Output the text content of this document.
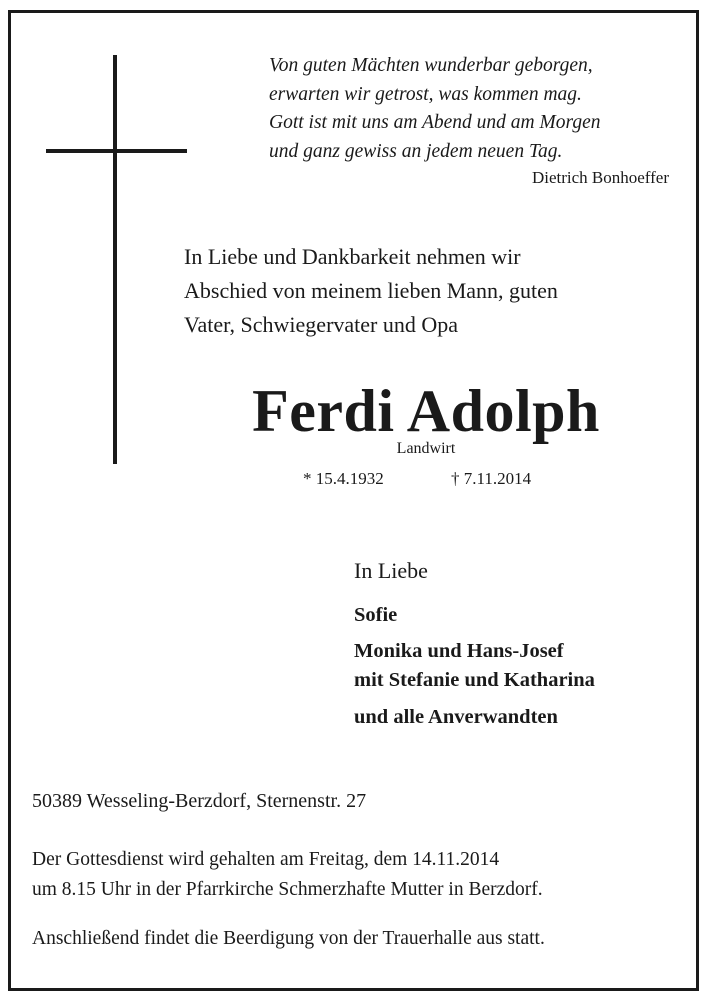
Von guten Mächten wunderbar geborgen,
erwarten wir getrost, was kommen mag.
Gott ist mit uns am Abend und am Morgen
und ganz gewiss an jedem neuen Tag.
Dietrich Bonhoeffer
In Liebe und Dankbarkeit nehmen wir
Abschied von meinem lieben Mann, guten
Vater, Schwiegervater und Opa
Ferdi Adolph
Landwirt
* 15.4.1932	† 7.11.2014
In Liebe
Sofie
Monika und Hans-Josef
mit Stefanie und Katharina
und alle Anverwandten
50389 Wesseling-Berzdorf, Sternenstr. 27
Der Gottesdienst wird gehalten am Freitag, dem 14.11.2014
um 8.15 Uhr in der Pfarrkirche Schmerzhafte Mutter in Berzdorf.
Anschließend findet die Beerdigung von der Trauerhalle aus statt.
